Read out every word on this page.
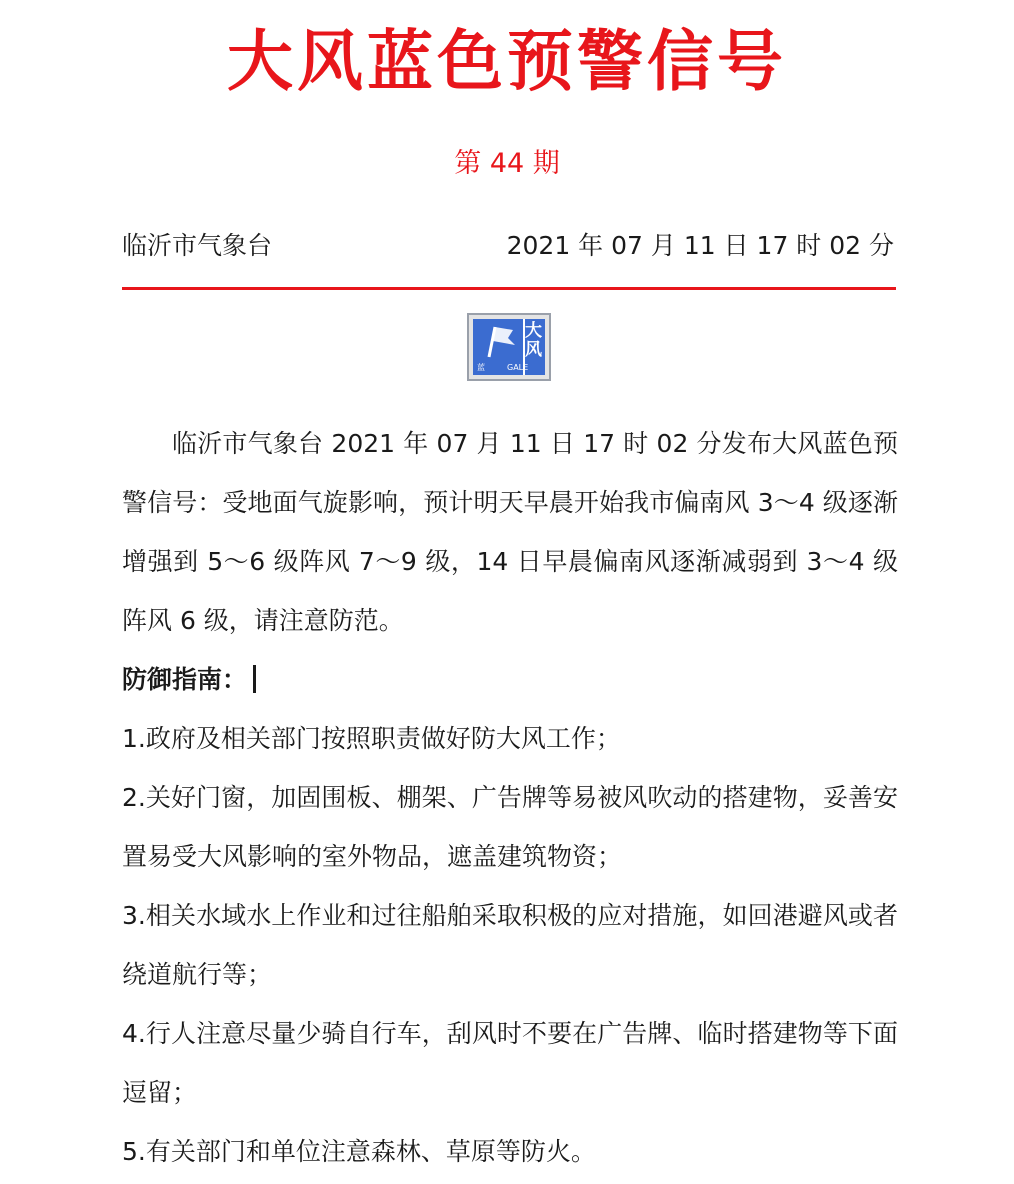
大风蓝色预警信号
第 44 期
临沂市气象台	2021 年 07 月 11 日 17 时 02 分
大
风
蓝	GALE

临沂市气象台 2021 年 07 月 11 日 17 时 02 分发布大风蓝色预警信号：受地面气旋影响，预计明天早晨开始我市偏南风 3～4 级逐渐增强到 5～6 级阵风 7～9 级，14 日早晨偏南风逐渐减弱到 3～4 级阵风 6 级，请注意防范。

防御指南：

1.政府及相关部门按照职责做好防大风工作；

2.关好门窗，加固围板、棚架、广告牌等易被风吹动的搭建物，妥善安置易受大风影响的室外物品，遮盖建筑物资；

3.相关水域水上作业和过往船舶采取积极的应对措施，如回港避风或者绕道航行等；

4.行人注意尽量少骑自行车，刮风时不要在广告牌、临时搭建物等下面逗留；

5.有关部门和单位注意森林、草原等防火。
